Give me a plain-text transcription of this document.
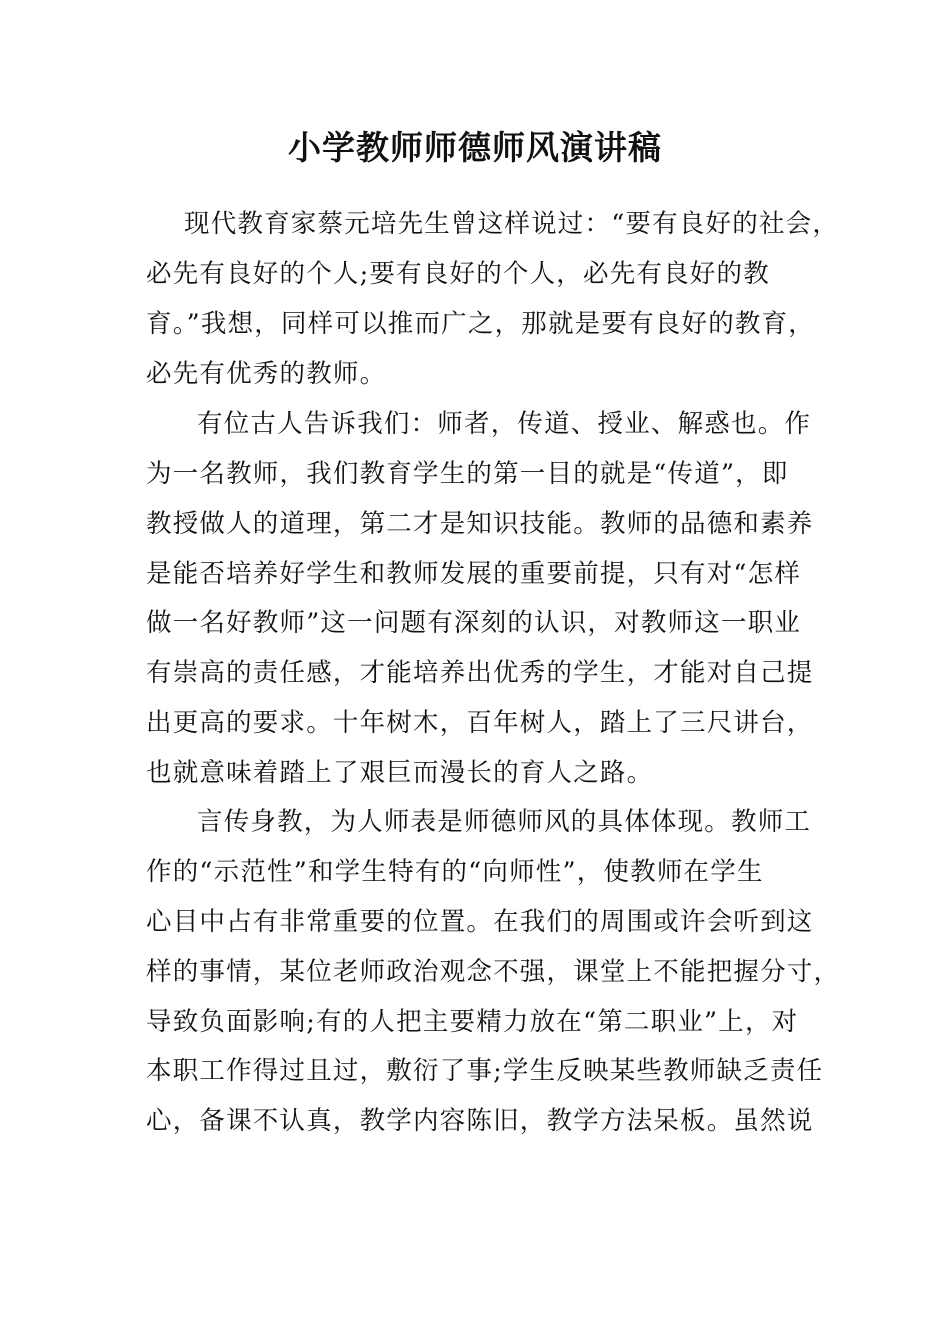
小学教师师德师风演讲稿

现代教育家蔡元培先生曾这样说过：“要有良好的社会，

必先有良好的个人;要有良好的个人，必先有良好的教

育。”我想，同样可以推而广之，那就是要有良好的教育，

必先有优秀的教师。

有位古人告诉我们：师者，传道、授业、解惑也。作

为一名教师，我们教育学生的第一目的就是“传道”，即

教授做人的道理，第二才是知识技能。教师的品德和素养

是能否培养好学生和教师发展的重要前提，只有对“怎样

做一名好教师”这一问题有深刻的认识，对教师这一职业

有崇高的责任感，才能培养出优秀的学生，才能对自己提

出更高的要求。十年树木，百年树人，踏上了三尺讲台，

也就意味着踏上了艰巨而漫长的育人之路。

言传身教，为人师表是师德师风的具体体现。教师工

作的“示范性”和学生特有的“向师性”，使教师在学生

心目中占有非常重要的位置。在我们的周围或许会听到这

样的事情，某位老师政治观念不强，课堂上不能把握分寸，

导致负面影响;有的人把主要精力放在“第二职业”上，对

本职工作得过且过，敷衍了事;学生反映某些教师缺乏责任

心，备课不认真，教学内容陈旧，教学方法呆板。虽然说
